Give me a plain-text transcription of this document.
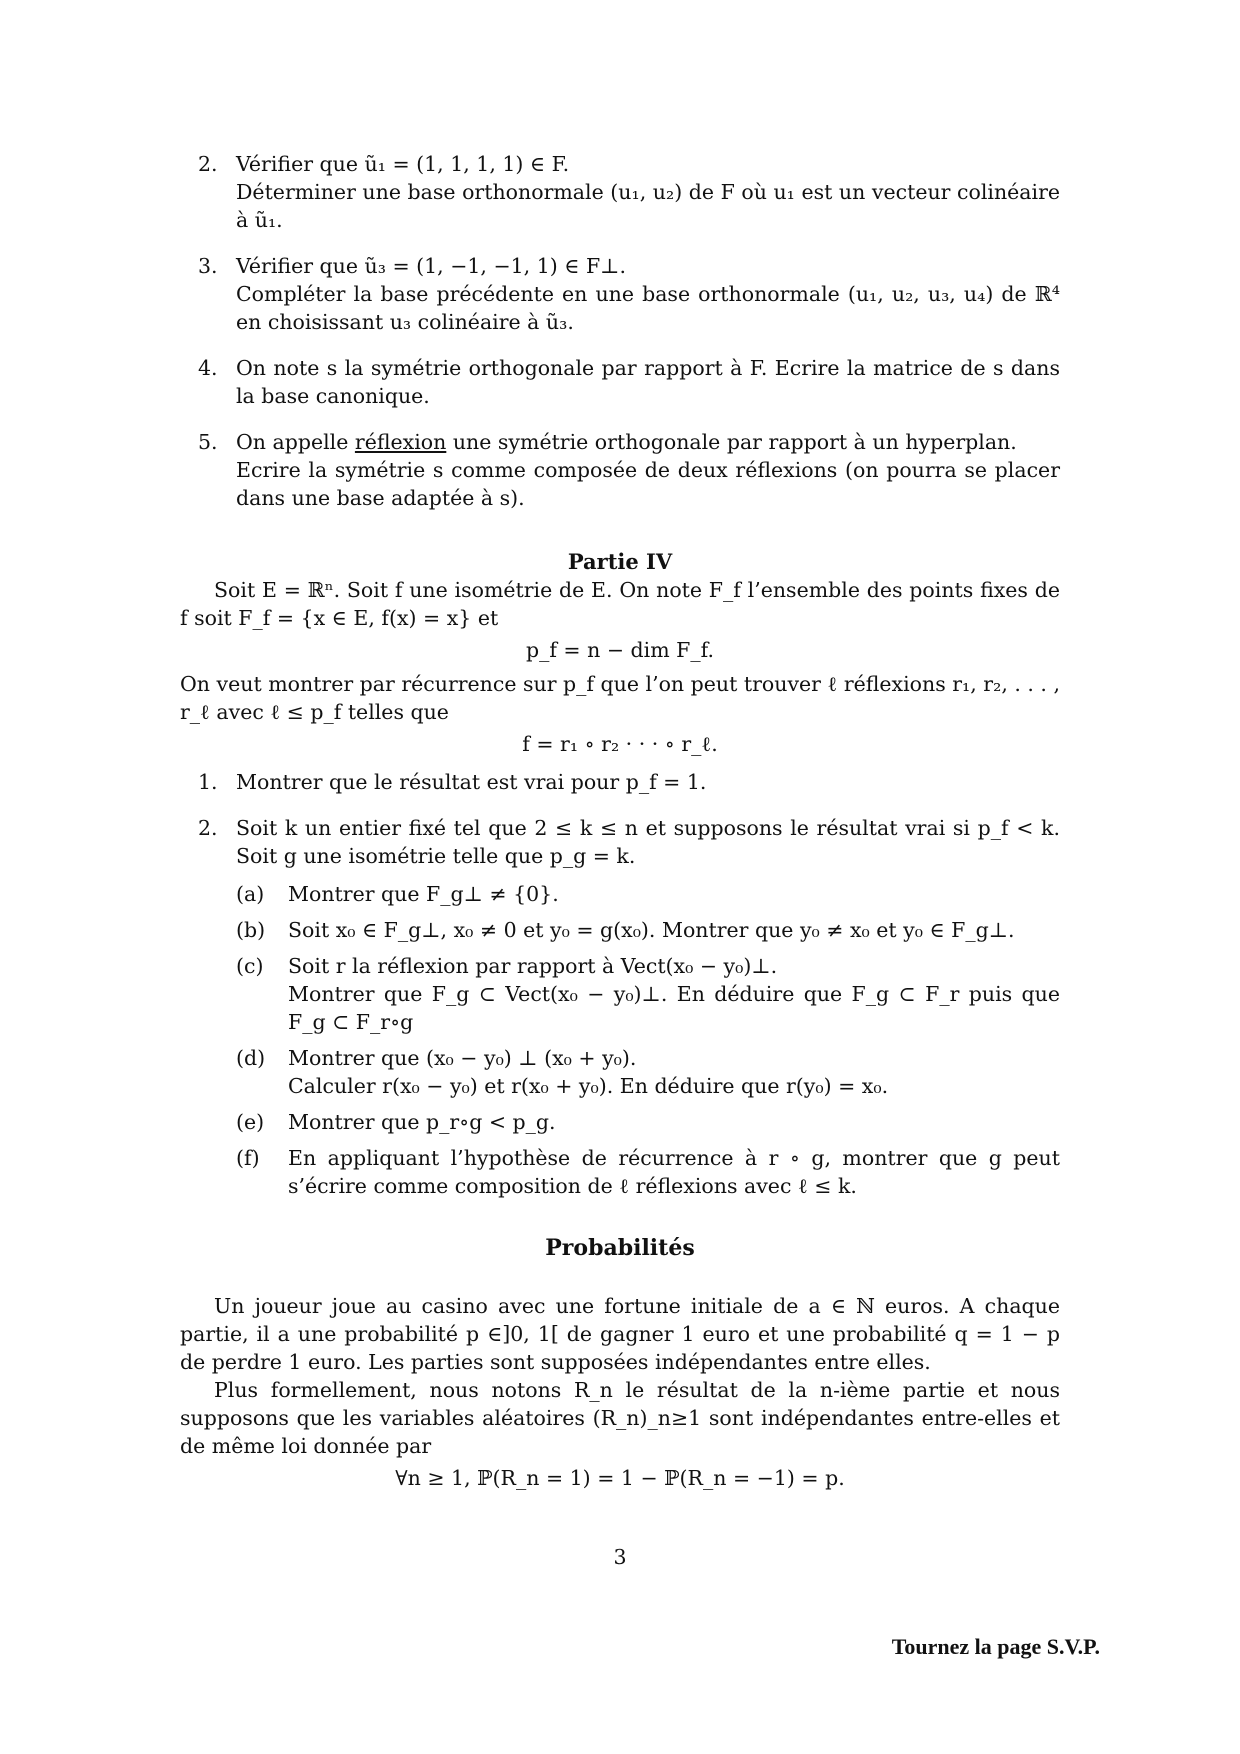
2. Vérifier que ũ₁ = (1, 1, 1, 1) ∈ F.
Déterminer une base orthonormale (u₁, u₂) de F où u₁ est un vecteur colinéaire à ũ₁.
3. Vérifier que ũ₃ = (1, −1, −1, 1) ∈ F⊥.
Compléter la base précédente en une base orthonormale (u₁, u₂, u₃, u₄) de ℝ⁴ en choisissant u₃ colinéaire à ũ₃.
4. On note s la symétrie orthogonale par rapport à F. Ecrire la matrice de s dans la base canonique.
5. On appelle réflexion une symétrie orthogonale par rapport à un hyperplan.
Ecrire la symétrie s comme composée de deux réflexions (on pourra se placer dans une base adaptée à s).
Partie IV

Soit E = ℝⁿ. Soit f une isométrie de E. On note F_f l’ensemble des points fixes de f soit F_f = {x ∈ E, f(x) = x} et

p_f = n − dim F_f.

On veut montrer par récurrence sur p_f que l’on peut trouver ℓ réflexions r₁, r₂, . . . , r_ℓ avec ℓ ≤ p_f telles que

f = r₁ ∘ r₂ · · · ∘ r_ℓ.
1. Montrer que le résultat est vrai pour p_f = 1.
2. Soit k un entier fixé tel que 2 ≤ k ≤ n et supposons le résultat vrai si p_f < k. Soit g une isométrie telle que p_g = k.
(a) Montrer que F_g⊥ ≠ {0}.
(b) Soit x₀ ∈ F_g⊥, x₀ ≠ 0 et y₀ = g(x₀). Montrer que y₀ ≠ x₀ et y₀ ∈ F_g⊥.
(c) Soit r la réflexion par rapport à Vect(x₀ − y₀)⊥.
Montrer que F_g ⊂ Vect(x₀ − y₀)⊥. En déduire que F_g ⊂ F_r puis que F_g ⊂ F_r∘g
(d) Montrer que (x₀ − y₀) ⊥ (x₀ + y₀).
Calculer r(x₀ − y₀) et r(x₀ + y₀). En déduire que r(y₀) = x₀.
(e) Montrer que p_r∘g < p_g.
(f) En appliquant l’hypothèse de récurrence à r ∘ g, montrer que g peut s’écrire comme composition de ℓ réflexions avec ℓ ≤ k.
Probabilités

Un joueur joue au casino avec une fortune initiale de a ∈ ℕ euros. A chaque partie, il a une probabilité p ∈]0, 1[ de gagner 1 euro et une probabilité q = 1 − p de perdre 1 euro. Les parties sont supposées indépendantes entre elles.

Plus formellement, nous notons R_n le résultat de la n-ième partie et nous supposons que les variables aléatoires (R_n)_n≥1 sont indépendantes entre-elles et de même loi donnée par

∀n ≥ 1, ℙ(R_n = 1) = 1 − ℙ(R_n = −1) = p.
3
Tournez la page S.V.P.
